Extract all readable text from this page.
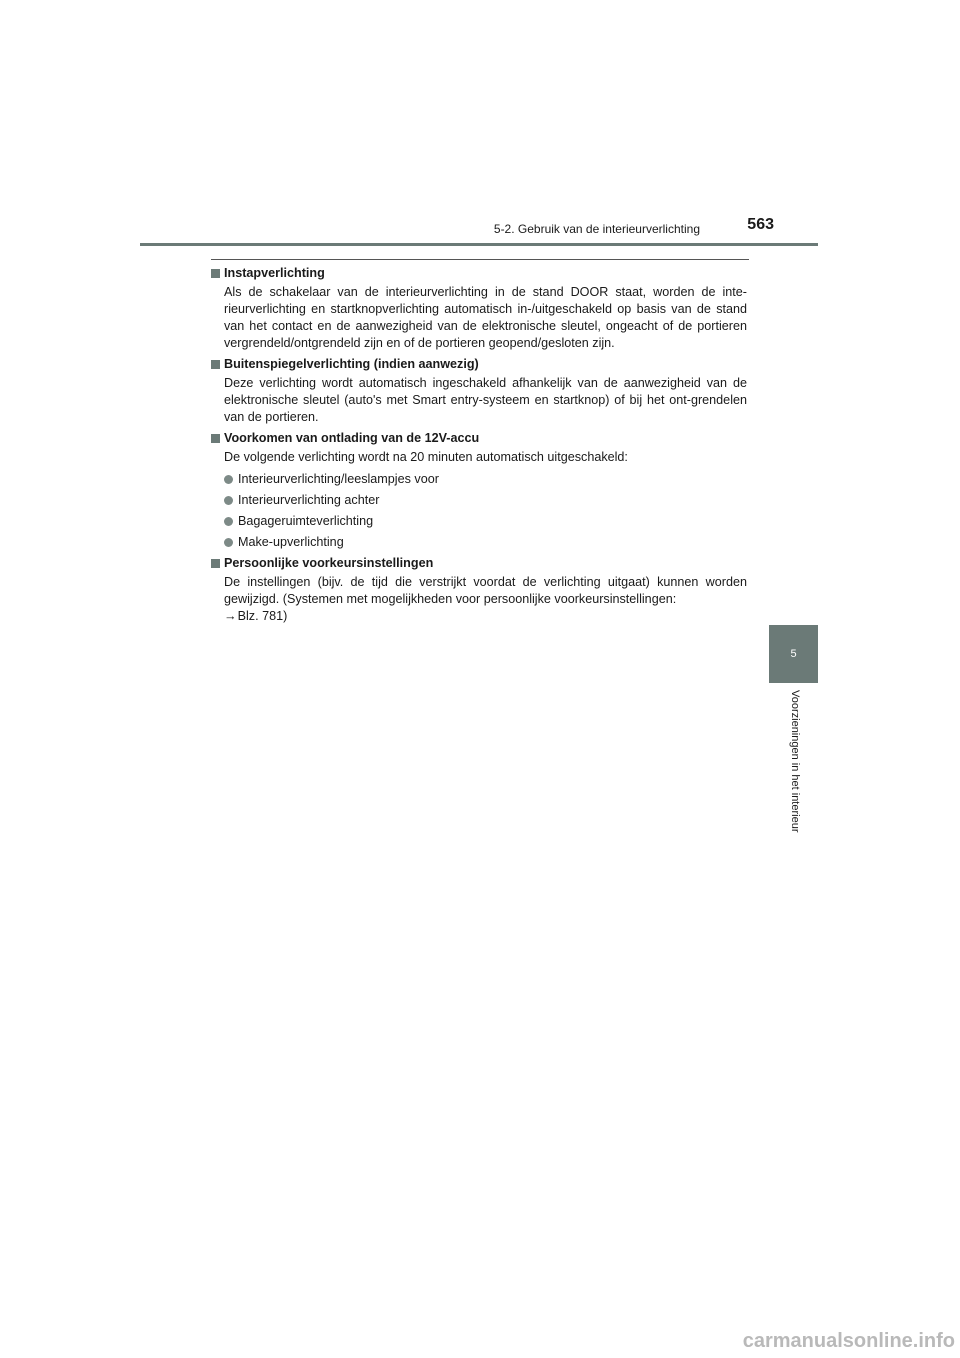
5-2. Gebruik van de interieurverlichting	563
Instapverlichting
Als de schakelaar van de interieurverlichting in de stand DOOR staat, worden de inte-rieurverlichting en startknopverlichting automatisch in-/uitgeschakeld op basis van de stand van het contact en de aanwezigheid van de elektronische sleutel, ongeacht of de portieren vergrendeld/ontgrendeld zijn en of de portieren geopend/gesloten zijn.
Buitenspiegelverlichting (indien aanwezig)
Deze verlichting wordt automatisch ingeschakeld afhankelijk van de aanwezigheid van de elektronische sleutel (auto's met Smart entry-systeem en startknop) of bij het ont-grendelen van de portieren.
Voorkomen van ontlading van de 12V-accu
De volgende verlichting wordt na 20 minuten automatisch uitgeschakeld:
Interieurverlichting/leeslampjes voor
Interieurverlichting achter
Bagageruimteverlichting
Make-upverlichting
Persoonlijke voorkeursinstellingen
De instellingen (bijv. de tijd die verstrijkt voordat de verlichting uitgaat) kunnen worden gewijzigd. (Systemen met mogelijkheden voor persoonlijke voorkeursinstellingen:
→Blz. 781)
5
Voorzieningen in het interieur
carmanualsonline.info
